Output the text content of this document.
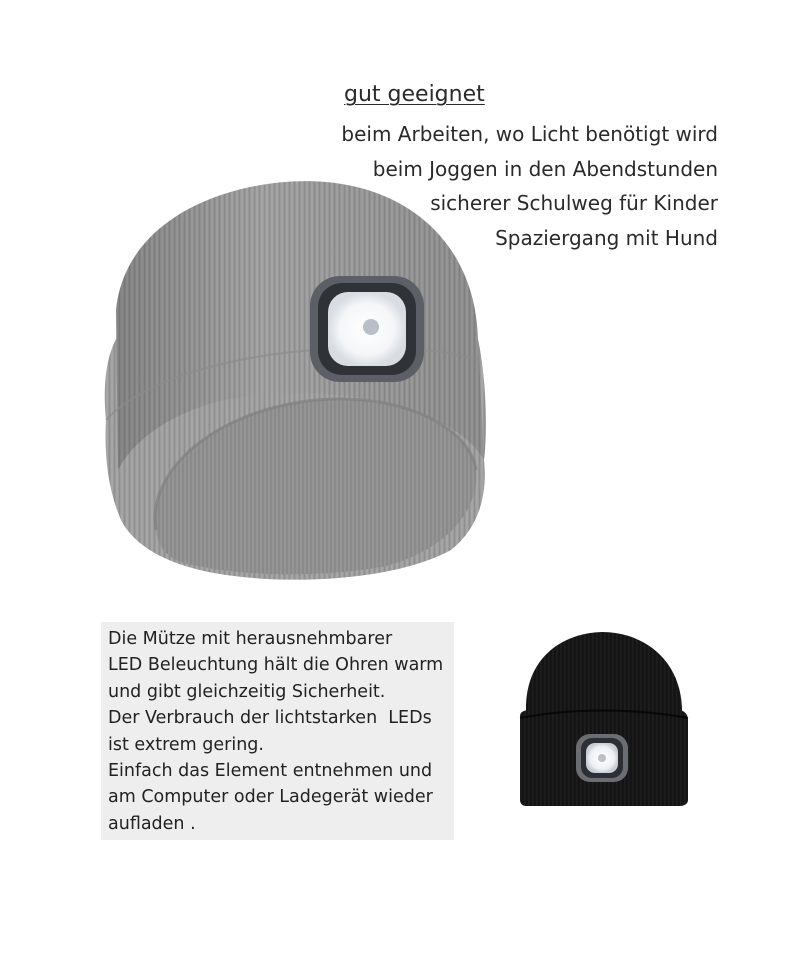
gut geeignet
beim Arbeiten, wo Licht benötigt wird
beim Joggen in den Abendstunden
sicherer Schulweg für Kinder
Spaziergang mit Hund
Die Mütze mit herausnehmbarer
LED Beleuchtung hält die Ohren warm
und gibt gleichzeitig Sicherheit.
Der Verbrauch der lichtstarken  LEDs
ist extrem gering.
Einfach das Element entnehmen und
am Computer oder Ladegerät wieder
aufladen .
